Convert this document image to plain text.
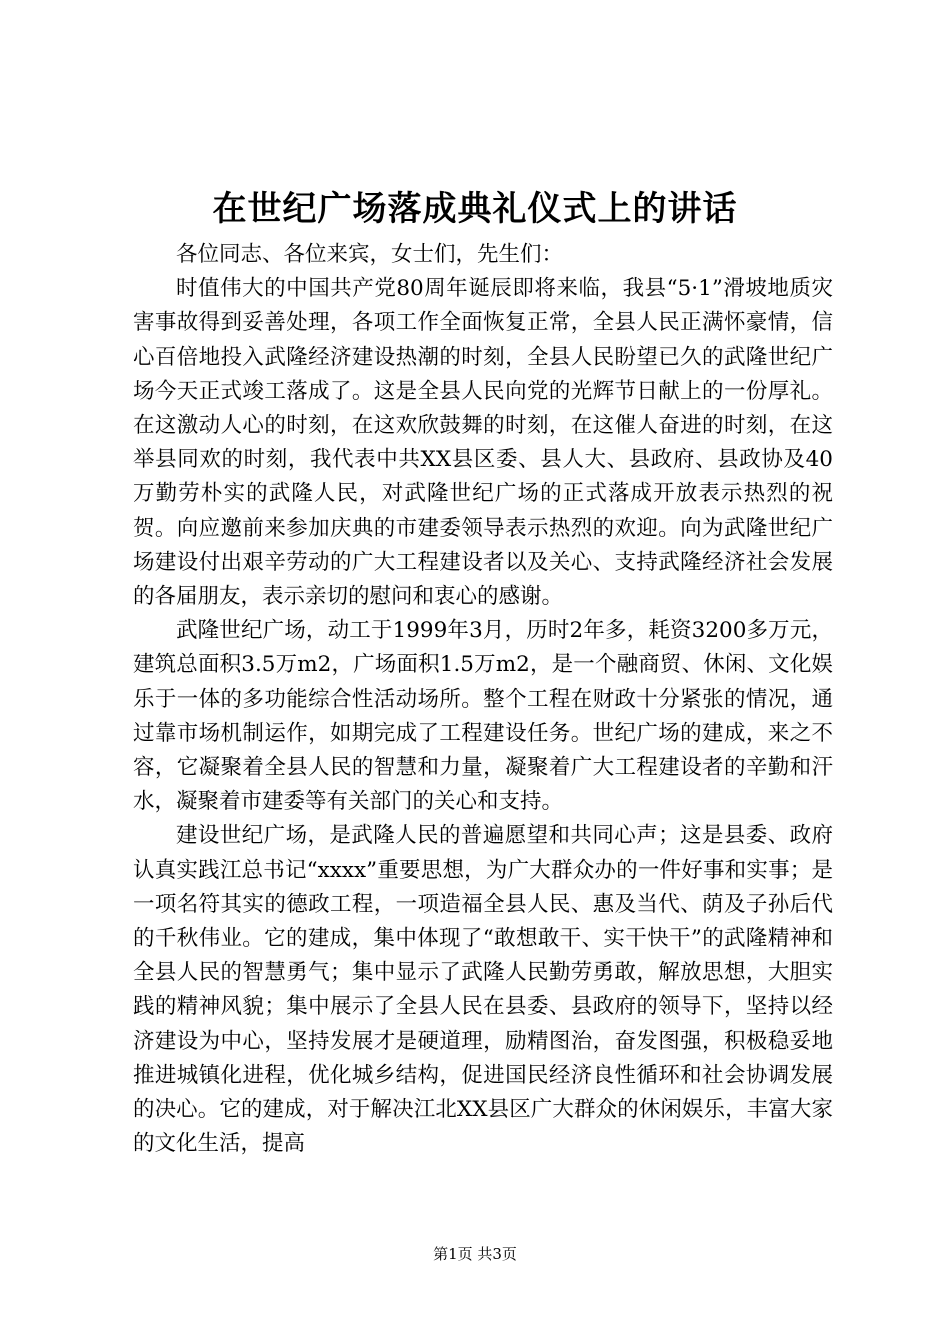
在世纪广场落成典礼仪式上的讲话

各位同志、各位来宾，女士们，先生们：

时值伟大的中国共产党80周年诞辰即将来临，我县“5·1”滑坡地质灾害事故得到妥善处理，各项工作全面恢复正常，全县人民正满怀豪情，信心百倍地投入武隆经济建设热潮的时刻，全县人民盼望已久的武隆世纪广场今天正式竣工落成了。这是全县人民向党的光辉节日献上的一份厚礼。在这激动人心的时刻，在这欢欣鼓舞的时刻，在这催人奋进的时刻，在这举县同欢的时刻，我代表中共XX县区委、县人大、县政府、县政协及40万勤劳朴实的武隆人民，对武隆世纪广场的正式落成开放表示热烈的祝贺。向应邀前来参加庆典的市建委领导表示热烈的欢迎。向为武隆世纪广场建设付出艰辛劳动的广大工程建设者以及关心、支持武隆经济社会发展的各届朋友，表示亲切的慰问和衷心的感谢。

武隆世纪广场，动工于1999年3月，历时2年多，耗资3200多万元，建筑总面积3.5万m2，广场面积1.5万m2，是一个融商贸、休闲、文化娱乐于一体的多功能综合性活动场所。整个工程在财政十分紧张的情况，通过靠市场机制运作，如期完成了工程建设任务。世纪广场的建成，来之不容，它凝聚着全县人民的智慧和力量，凝聚着广大工程建设者的辛勤和汗水，凝聚着市建委等有关部门的关心和支持。

建设世纪广场，是武隆人民的普遍愿望和共同心声；这是县委、政府认真实践江总书记“xxxx”重要思想，为广大群众办的一件好事和实事；是一项名符其实的德政工程，一项造福全县人民、惠及当代、荫及子孙后代的千秋伟业。它的建成，集中体现了“敢想敢干、实干快干”的武隆精神和全县人民的智慧勇气；集中显示了武隆人民勤劳勇敢，解放思想，大胆实践的精神风貌；集中展示了全县人民在县委、县政府的领导下，坚持以经济建设为中心，坚持发展才是硬道理，励精图治，奋发图强，积极稳妥地推进城镇化进程，优化城乡结构，促进国民经济良性循环和社会协调发展的决心。它的建成，对于解决江北XX县区广大群众的休闲娱乐，丰富大家的文化生活，提高

第1页 共3页
